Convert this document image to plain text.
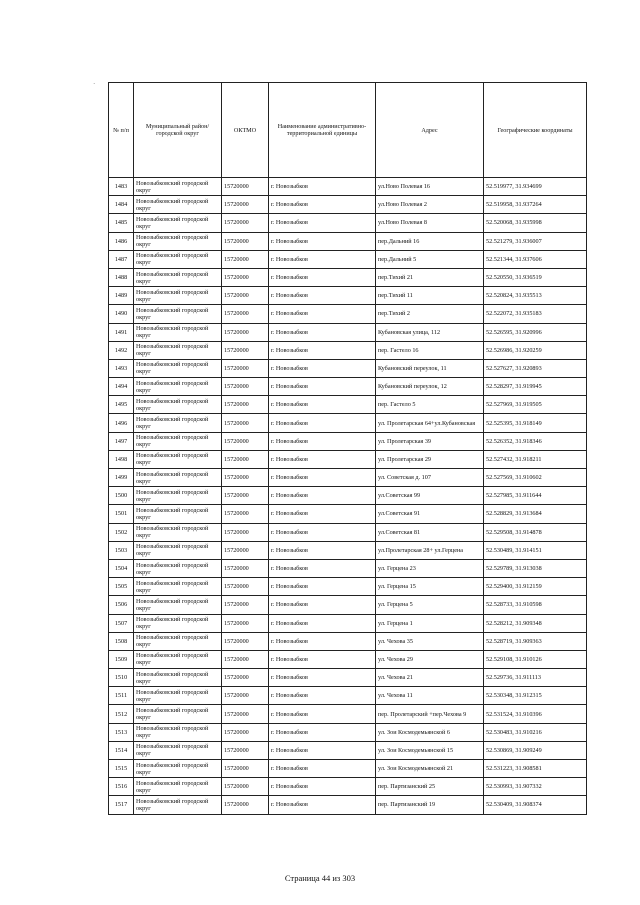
·
№ п/п	Муниципальный район/городской округ	ОКТМО	Наименование административно-территориальной единицы	Адрес	Географические координаты
1483	Новозыбковский городской округ	15720000	г. Новозыбков	ул.Ново Полевая 16	52.519977, 31.934699
1484	Новозыбковский городской округ	15720000	г. Новозыбков	ул.Ново Полевая 2	52.519958, 31.937264
1485	Новозыбковский городской округ	15720000	г. Новозыбков	ул.Ново Полевая 8	52.520068, 31.935998
1486	Новозыбковский городской округ	15720000	г. Новозыбков	пер.Дальний 16	52.521279, 31.936007
1487	Новозыбковский городской округ	15720000	г. Новозыбков	пер.Дальний 5	52.521344, 31.937606
1488	Новозыбковский городской округ	15720000	г. Новозыбков	пер.Тихий 21	52.520550, 31.936519
1489	Новозыбковский городской округ	15720000	г. Новозыбков	пер.Тихий 11	52.520824, 31.935513
1490	Новозыбковский городской округ	15720000	г. Новозыбков	пер.Тихий 2	52.522072, 31.935183
1491	Новозыбковский городской округ	15720000	г. Новозыбков	Кубановская улица, 112	52.526595, 31.920996
1492	Новозыбковский городской округ	15720000	г. Новозыбков	пер. Гастело 16	52.526986, 31.920259
1493	Новозыбковский городской округ	15720000	г. Новозыбков	Кубановский переулок, 11	52.527627, 31.920893
1494	Новозыбковский городской округ	15720000	г. Новозыбков	Кубановский переулок, 12	52.528297, 31.919945
1495	Новозыбковский городской округ	15720000	г. Новозыбков	пер. Гастело 5	52.527969, 31.919505
1496	Новозыбковский городской округ	15720000	г. Новозыбков	ул. Пролетарская 64+ул.Кубановская	52.525395, 31.918149
1497	Новозыбковский городской округ	15720000	г. Новозыбков	ул. Пролетарская 39	52.526352, 31.918346
1498	Новозыбковский городской округ	15720000	г. Новозыбков	ул. Пролетарская 29	52.527432, 31.918211
1499	Новозыбковский городской округ	15720000	г. Новозыбков	ул. Советская д. 107	52.527569, 31.910602
1500	Новозыбковский городской округ	15720000	г. Новозыбков	ул.Советская 99	52.527985, 31.911644
1501	Новозыбковский городской округ	15720000	г. Новозыбков	ул.Советская 91	52.528829, 31.913684
1502	Новозыбковский городской округ	15720000	г. Новозыбков	ул.Советская 81	52.529508, 31.914878
1503	Новозыбковский городской округ	15720000	г. Новозыбков	ул.Пролетарская 28+ ул.Герцена	52.530489, 31.914151
1504	Новозыбковский городской округ	15720000	г. Новозыбков	ул. Герцена 23	52.529789, 31.913038
1505	Новозыбковский городской округ	15720000	г. Новозыбков	ул. Герцена 15	52.529400, 31.912159
1506	Новозыбковский городской округ	15720000	г. Новозыбков	ул. Герцена 5	52.528733, 31.910598
1507	Новозыбковский городской округ	15720000	г. Новозыбков	ул. Герцена 1	52.528212, 31.909348
1508	Новозыбковский городской округ	15720000	г. Новозыбков	ул. Чехова 35	52.528719, 31.909363
1509	Новозыбковский городской округ	15720000	г. Новозыбков	ул. Чехова 29	52.529108, 31.910126
1510	Новозыбковский городской округ	15720000	г. Новозыбков	ул. Чехова 21	52.529736, 31.911113
1511	Новозыбковский городской округ	15720000	г. Новозыбков	ул. Чехова 11	52.530348, 31.912315
1512	Новозыбковский городской округ	15720000	г. Новозыбков	пер. Пролетарский +пер.Чехова 9	52.531524, 31.910396
1513	Новозыбковский городской округ	15720000	г. Новозыбков	ул. Зои Космодемьянской 6	52.530483, 31.910216
1514	Новозыбковский городской округ	15720000	г. Новозыбков	ул. Зои Космодемьянской 15	52.530869, 31.909249
1515	Новозыбковский городской округ	15720000	г. Новозыбков	ул. Зои Космодемьянской 21	52.531223, 31.908581
1516	Новозыбковский городской округ	15720000	г. Новозыбков	пер. Партизанский 25	52.530993, 31.907332
1517	Новозыбковский городской округ	15720000	г. Новозыбков	пер. Партизанский 19	52.530409, 31.908374
Страница 44 из 303
